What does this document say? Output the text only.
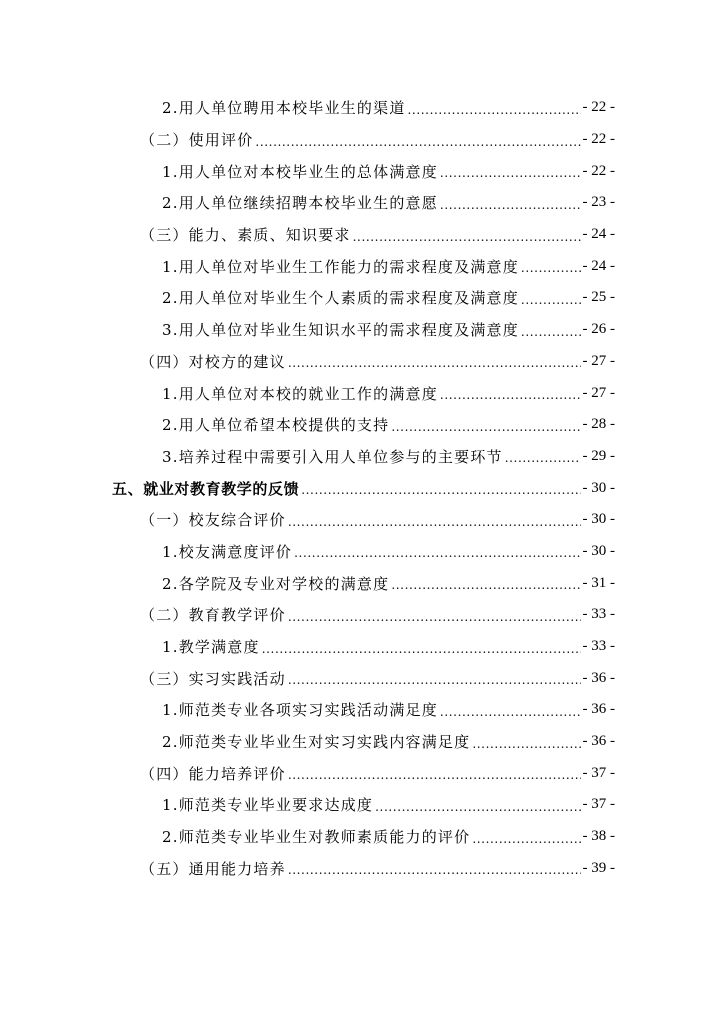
2.用人单位聘用本校毕业生的渠道 .....	- 22 -
（二）使用评价 .....	- 22 -
1.用人单位对本校毕业生的总体满意度 .....	- 22 -
2.用人单位继续招聘本校毕业生的意愿 .....	- 23 -
（三）能力、素质、知识要求 .....	- 24 -
1.用人单位对毕业生工作能力的需求程度及满意度 .....	- 24 -
2.用人单位对毕业生个人素质的需求程度及满意度 .....	- 25 -
3.用人单位对毕业生知识水平的需求程度及满意度 .....	- 26 -
（四）对校方的建议 .....	- 27 -
1.用人单位对本校的就业工作的满意度 .....	- 27 -
2.用人单位希望本校提供的支持 .....	- 28 -
3.培养过程中需要引入用人单位参与的主要环节 .....	- 29 -
五、就业对教育教学的反馈 .....	- 30 -
（一）校友综合评价 .....	- 30 -
1.校友满意度评价 .....	- 30 -
2.各学院及专业对学校的满意度 .....	- 31 -
（二）教育教学评价 .....	- 33 -
1.教学满意度 .....	- 33 -
（三）实习实践活动 .....	- 36 -
1.师范类专业各项实习实践活动满足度 .....	- 36 -
2.师范类专业毕业生对实习实践内容满足度 .....	- 36 -
（四）能力培养评价 .....	- 37 -
1.师范类专业毕业要求达成度 .....	- 37 -
2.师范类专业毕业生对教师素质能力的评价 .....	- 38 -
（五）通用能力培养 .....	- 39 -
